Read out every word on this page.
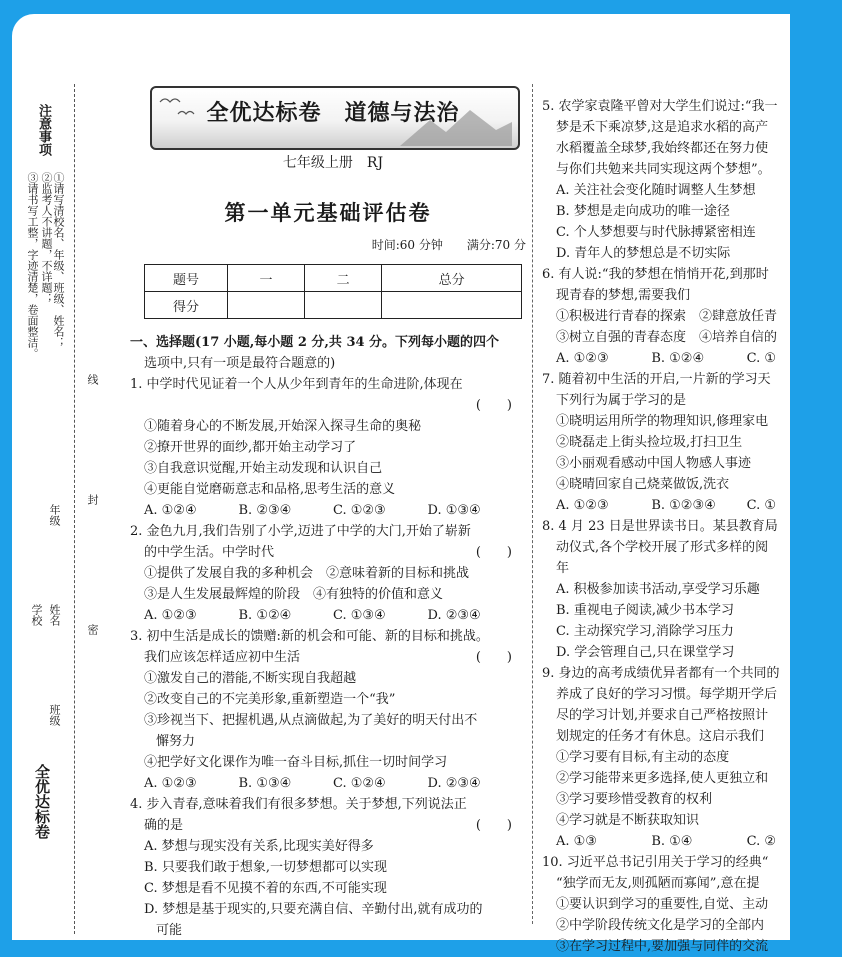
注意事项
①请写清校名、年级、班级、姓名；
②监考人不讲题，不详题；
③请书写工整，字迹清楚，卷面整洁。
线
年级
学校 姓名
封
班级
密
全优达标卷
全优达标卷　道德与法治
七年级上册　RJ
第一单元基础评估卷
时间:60 分钟　　满分:70 分
题号	一	二	总分
得分			

一、选择题(17 小题,每小题 2 分,共 34 分。下列每小题的四个

选项中,只有一项是最符合题意的)

1. 中学时代见证着一个人从少年到青年的生命进阶,体现在

(　　)

①随着身心的不断发展,开始深入探寻生命的奥秘

②撩开世界的面纱,都开始主动学习了

③自我意识觉醒,开始主动发现和认识自己

④更能自觉磨砺意志和品格,思考生活的意义

A. ①②④	B. ②③④	C. ①②③	D. ①③④

2. 金色九月,我们告别了小学,迈进了中学的大门,开始了崭新

的中学生活。中学时代	(　　)

①提供了发展自我的多种机会　②意味着新的目标和挑战

③是人生发展最辉煌的阶段　④有独特的价值和意义

A. ①②③	B. ①②④	C. ①③④	D. ②③④

3. 初中生活是成长的馈赠:新的机会和可能、新的目标和挑战。

我们应该怎样适应初中生活	(　　)

①激发自己的潜能,不断实现自我超越

②改变自己的不完美形象,重新塑造一个“我”

③珍视当下、把握机遇,从点滴做起,为了美好的明天付出不

懈努力

④把学好文化课作为唯一奋斗目标,抓住一切时间学习

A. ①②③	B. ①③④	C. ①②④	D. ②③④

4. 步入青春,意味着我们有很多梦想。关于梦想,下列说法正

确的是	(　　)

A. 梦想与现实没有关系,比现实美好得多

B. 只要我们敢于想象,一切梦想都可以实现

C. 梦想是看不见摸不着的东西,不可能实现

D. 梦想是基于现实的,只要充满自信、辛勤付出,就有成功的

可能

5. 农学家袁隆平曾对大学生们说过:“我一

梦是禾下乘凉梦,这是追求水稻的高产

水稻覆盖全球梦,我始终都还在努力使

与你们共勉来共同实现这两个梦想”。

A. 关注社会变化随时调整人生梦想

B. 梦想是走向成功的唯一途径

C. 个人梦想要与时代脉搏紧密相连

D. 青年人的梦想总是不切实际

6. 有人说:“我的梦想在悄悄开花,到那时

现青春的梦想,需要我们

①积极进行青春的探索　②肆意放任青

③树立自强的青春态度　④培养自信的

A. ①②③	B. ①②④	C. ①

7. 随着初中生活的开启,一片新的学习天

下列行为属于学习的是

①晓明运用所学的物理知识,修理家电

②晓磊走上街头捡垃圾,打扫卫生

③小丽观看感动中国人物感人事迹

④晓晴回家自己烧菜做饭,洗衣

A. ①②③	B. ①②③④	C. ①

8. 4 月 23 日是世界读书日。某县教育局

动仪式,各个学校开展了形式多样的阅

年

A. 积极参加读书活动,享受学习乐趣

B. 重视电子阅读,减少书本学习

C. 主动探究学习,消除学习压力

D. 学会管理自己,只在课堂学习

9. 身边的高考成绩优异者都有一个共同的

养成了良好的学习习惯。每学期开学后

尽的学习计划,并要求自己严格按照计

划规定的任务才有休息。这启示我们

①学习要有目标,有主动的态度

②学习能带来更多选择,使人更独立和

③学习要珍惜受教育的权利

④学习就是不断获取知识

A. ①③	B. ①④	C. ②

10. 习近平总书记引用关于学习的经典“

“独学而无友,则孤陋而寡闻”,意在提

①要认识到学习的重要性,自觉、主动

②中学阶段传统文化是学习的全部内

③在学习过程中,要加强与同伴的交流
